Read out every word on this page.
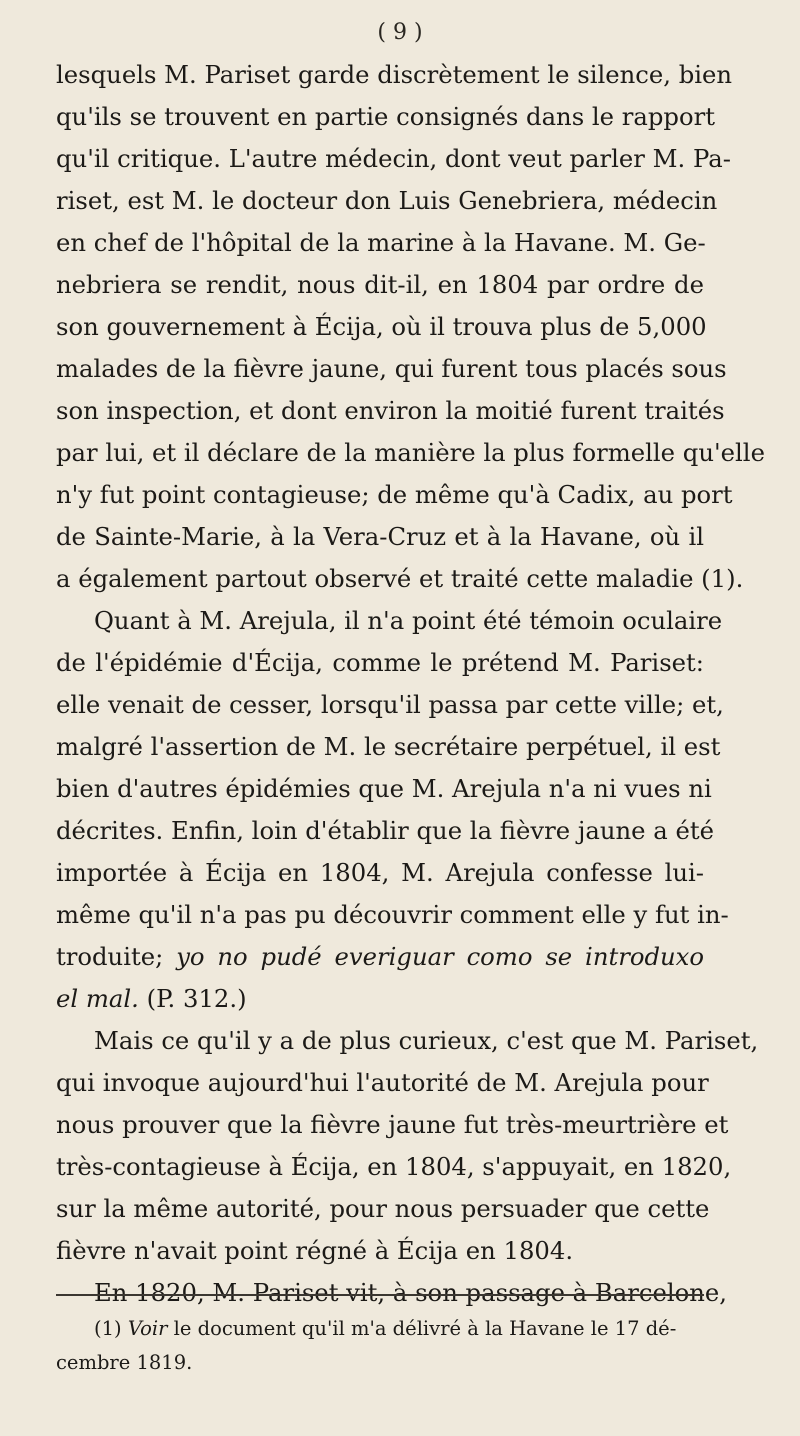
( 9 )
lesquels M. Pariset garde discrètement le silence, bien
qu'ils se trouvent en partie consignés dans le rapport
qu'il critique. L'autre médecin, dont veut parler M. Pa-
riset, est M. le docteur don Luis Genebriera, médecin
en chef de l'hôpital de la marine à la Havane. M. Ge-
nebriera se rendit, nous dit-il, en 1804 par ordre de
son gouvernement à Écija, où il trouva plus de 5,000
malades de la fièvre jaune, qui furent tous placés sous
son inspection, et dont environ la moitié furent traités
par lui, et il déclare de la manière la plus formelle qu'elle
n'y fut point contagieuse; de même qu'à Cadix, au port
de Sainte-Marie, à la Vera-Cruz et à la Havane, où il
a également partout observé et traité cette maladie (1).
Quant à M. Arejula, il n'a point été témoin oculaire
de l'épidémie d'Écija, comme le prétend M. Pariset:
elle venait de cesser, lorsqu'il passa par cette ville; et,
malgré l'assertion de M. le secrétaire perpétuel, il est
bien d'autres épidémies que M. Arejula n'a ni vues ni
décrites. Enfin, loin d'établir que la fièvre jaune a été
importée à Écija en 1804, M. Arejula confesse lui-
même qu'il n'a pas pu découvrir comment elle y fut in-
troduite; yo no pudé everiguar como se introduxo
el mal. (P. 312.)
Mais ce qu'il y a de plus curieux, c'est que M. Pariset,
qui invoque aujourd'hui l'autorité de M. Arejula pour
nous prouver que la fièvre jaune fut très-meurtrière et
très-contagieuse à Écija, en 1804, s'appuyait, en 1820,
sur la même autorité, pour nous persuader que cette
fièvre n'avait point régné à Écija en 1804.
En 1820, M. Pariset vit, à son passage à Barcelone,
(1) Voir le document qu'il m'a délivré à la Havane le 17 dé-
cembre 1819.
